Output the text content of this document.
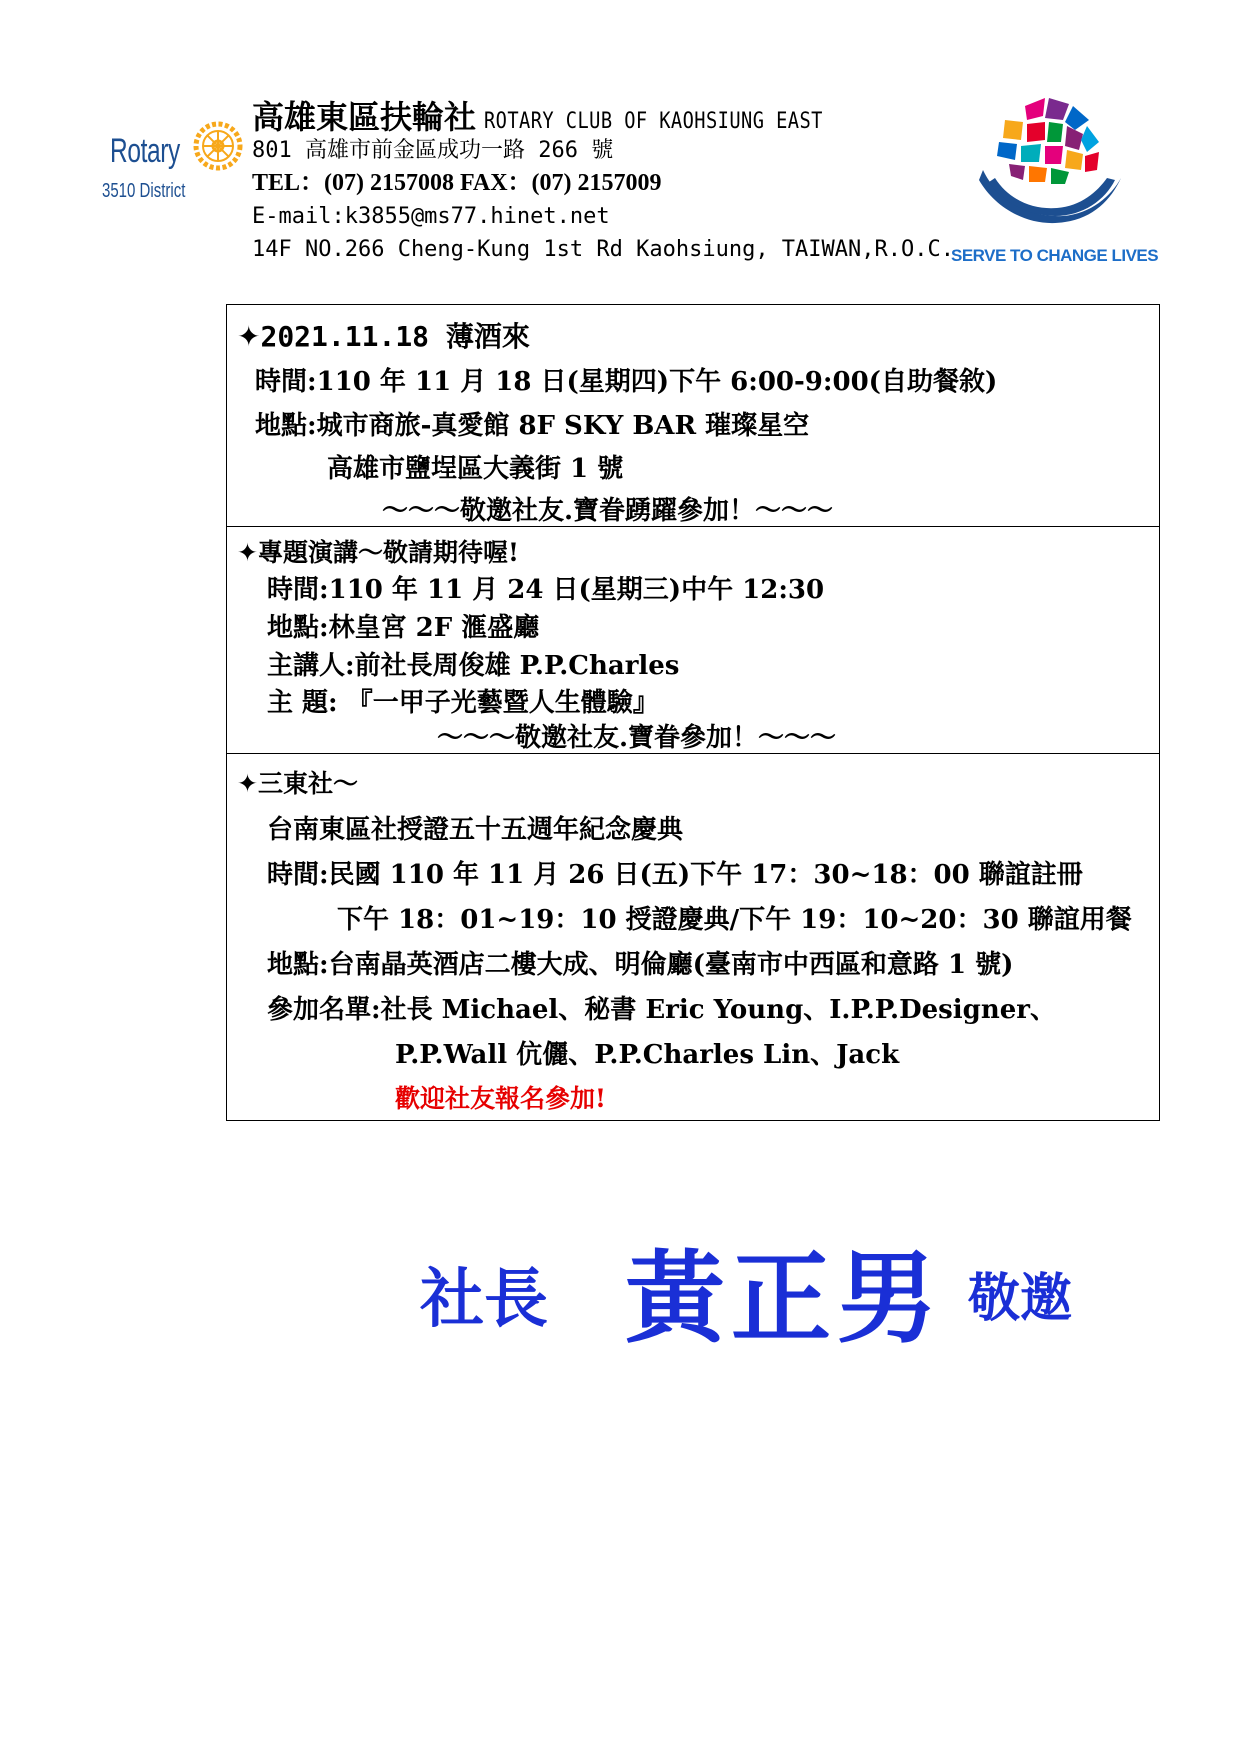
Rotary
3510 District
高雄東區扶輪社 ROTARY CLUB OF KAOHSIUNG EAST
801 高雄市前金區成功一路 266 號
TEL：(07) 2157008 FAX：(07) 2157009
E-mail:k3855@ms77.hinet.net
14F NO.266 Cheng-Kung 1st Rd Kaohsiung, TAIWAN,R.O.C.
SERVE TO CHANGE LIVES
✦2021.11.18 薄酒來
時間:110 年 11 月 18 日(星期四)下午 6:00-9:00(自助餐敘)
地點:城市商旅-真愛館 8F SKY BAR 璀璨星空
高雄市鹽埕區大義街 1 號
～～～敬邀社友.寶眷踴躍參加！～～～
✦專題演講～敬請期待喔!
時間:110 年 11 月 24 日(星期三)中午 12:30
地點:林皇宮 2F 滙盛廳
主講人:前社長周俊雄 P.P.Charles
主 題: 『一甲子光藝暨人生體驗』
～～～敬邀社友.寶眷參加！～～～
✦三東社～
台南東區社授證五十五週年紀念慶典
時間:民國 110 年 11 月 26 日(五)下午 17：30~18：00 聯誼註冊
下午 18：01~19：10 授證慶典/下午 19：10~20：30 聯誼用餐
地點:台南晶英酒店二樓大成、明倫廳(臺南市中西區和意路 1 號)
參加名單:社長 Michael、秘書 Eric Young、I.P.P.Designer、
P.P.Wall 伉儷、P.P.Charles Lin、Jack
歡迎社友報名參加!
社長 黃正男 敬邀
